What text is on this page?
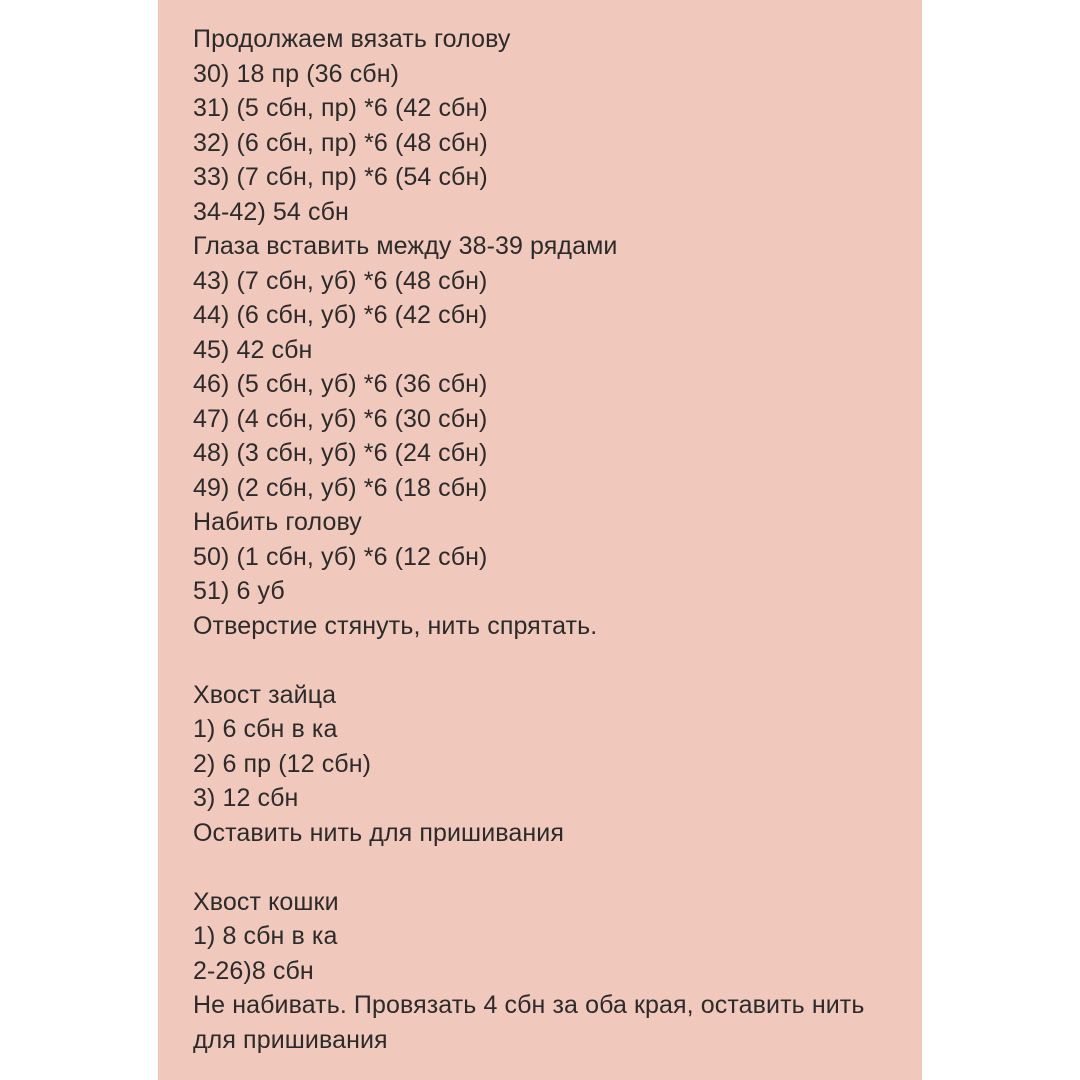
Продолжаем вязать голову
30) 18 пр (36 сбн)
31) (5 сбн, пр) *6 (42 сбн)
32) (6 сбн, пр) *6 (48 сбн)
33) (7 сбн, пр) *6 (54 сбн)
34-42) 54 сбн
Глаза вставить между 38-39 рядами
43) (7 сбн, уб) *6 (48 сбн)
44) (6 сбн, уб) *6 (42 сбн)
45) 42 сбн
46) (5 сбн, уб) *6 (36 сбн)
47) (4 сбн, уб) *6 (30 сбн)
48) (3 сбн, уб) *6 (24 сбн)
49) (2 сбн, уб) *6 (18 сбн)
Набить голову
50) (1 сбн, уб) *6 (12 сбн)
51) 6 уб
Отверстие стянуть, нить спрятать.
Хвост зайца
1) 6 сбн в ка
2) 6 пр (12 сбн)
3) 12 сбн
Оставить нить для пришивания
Хвост кошки
1) 8 сбн в ка
2-26)8 сбн
Не набивать. Провязать 4 сбн за оба края, оставить нить
для пришивания
